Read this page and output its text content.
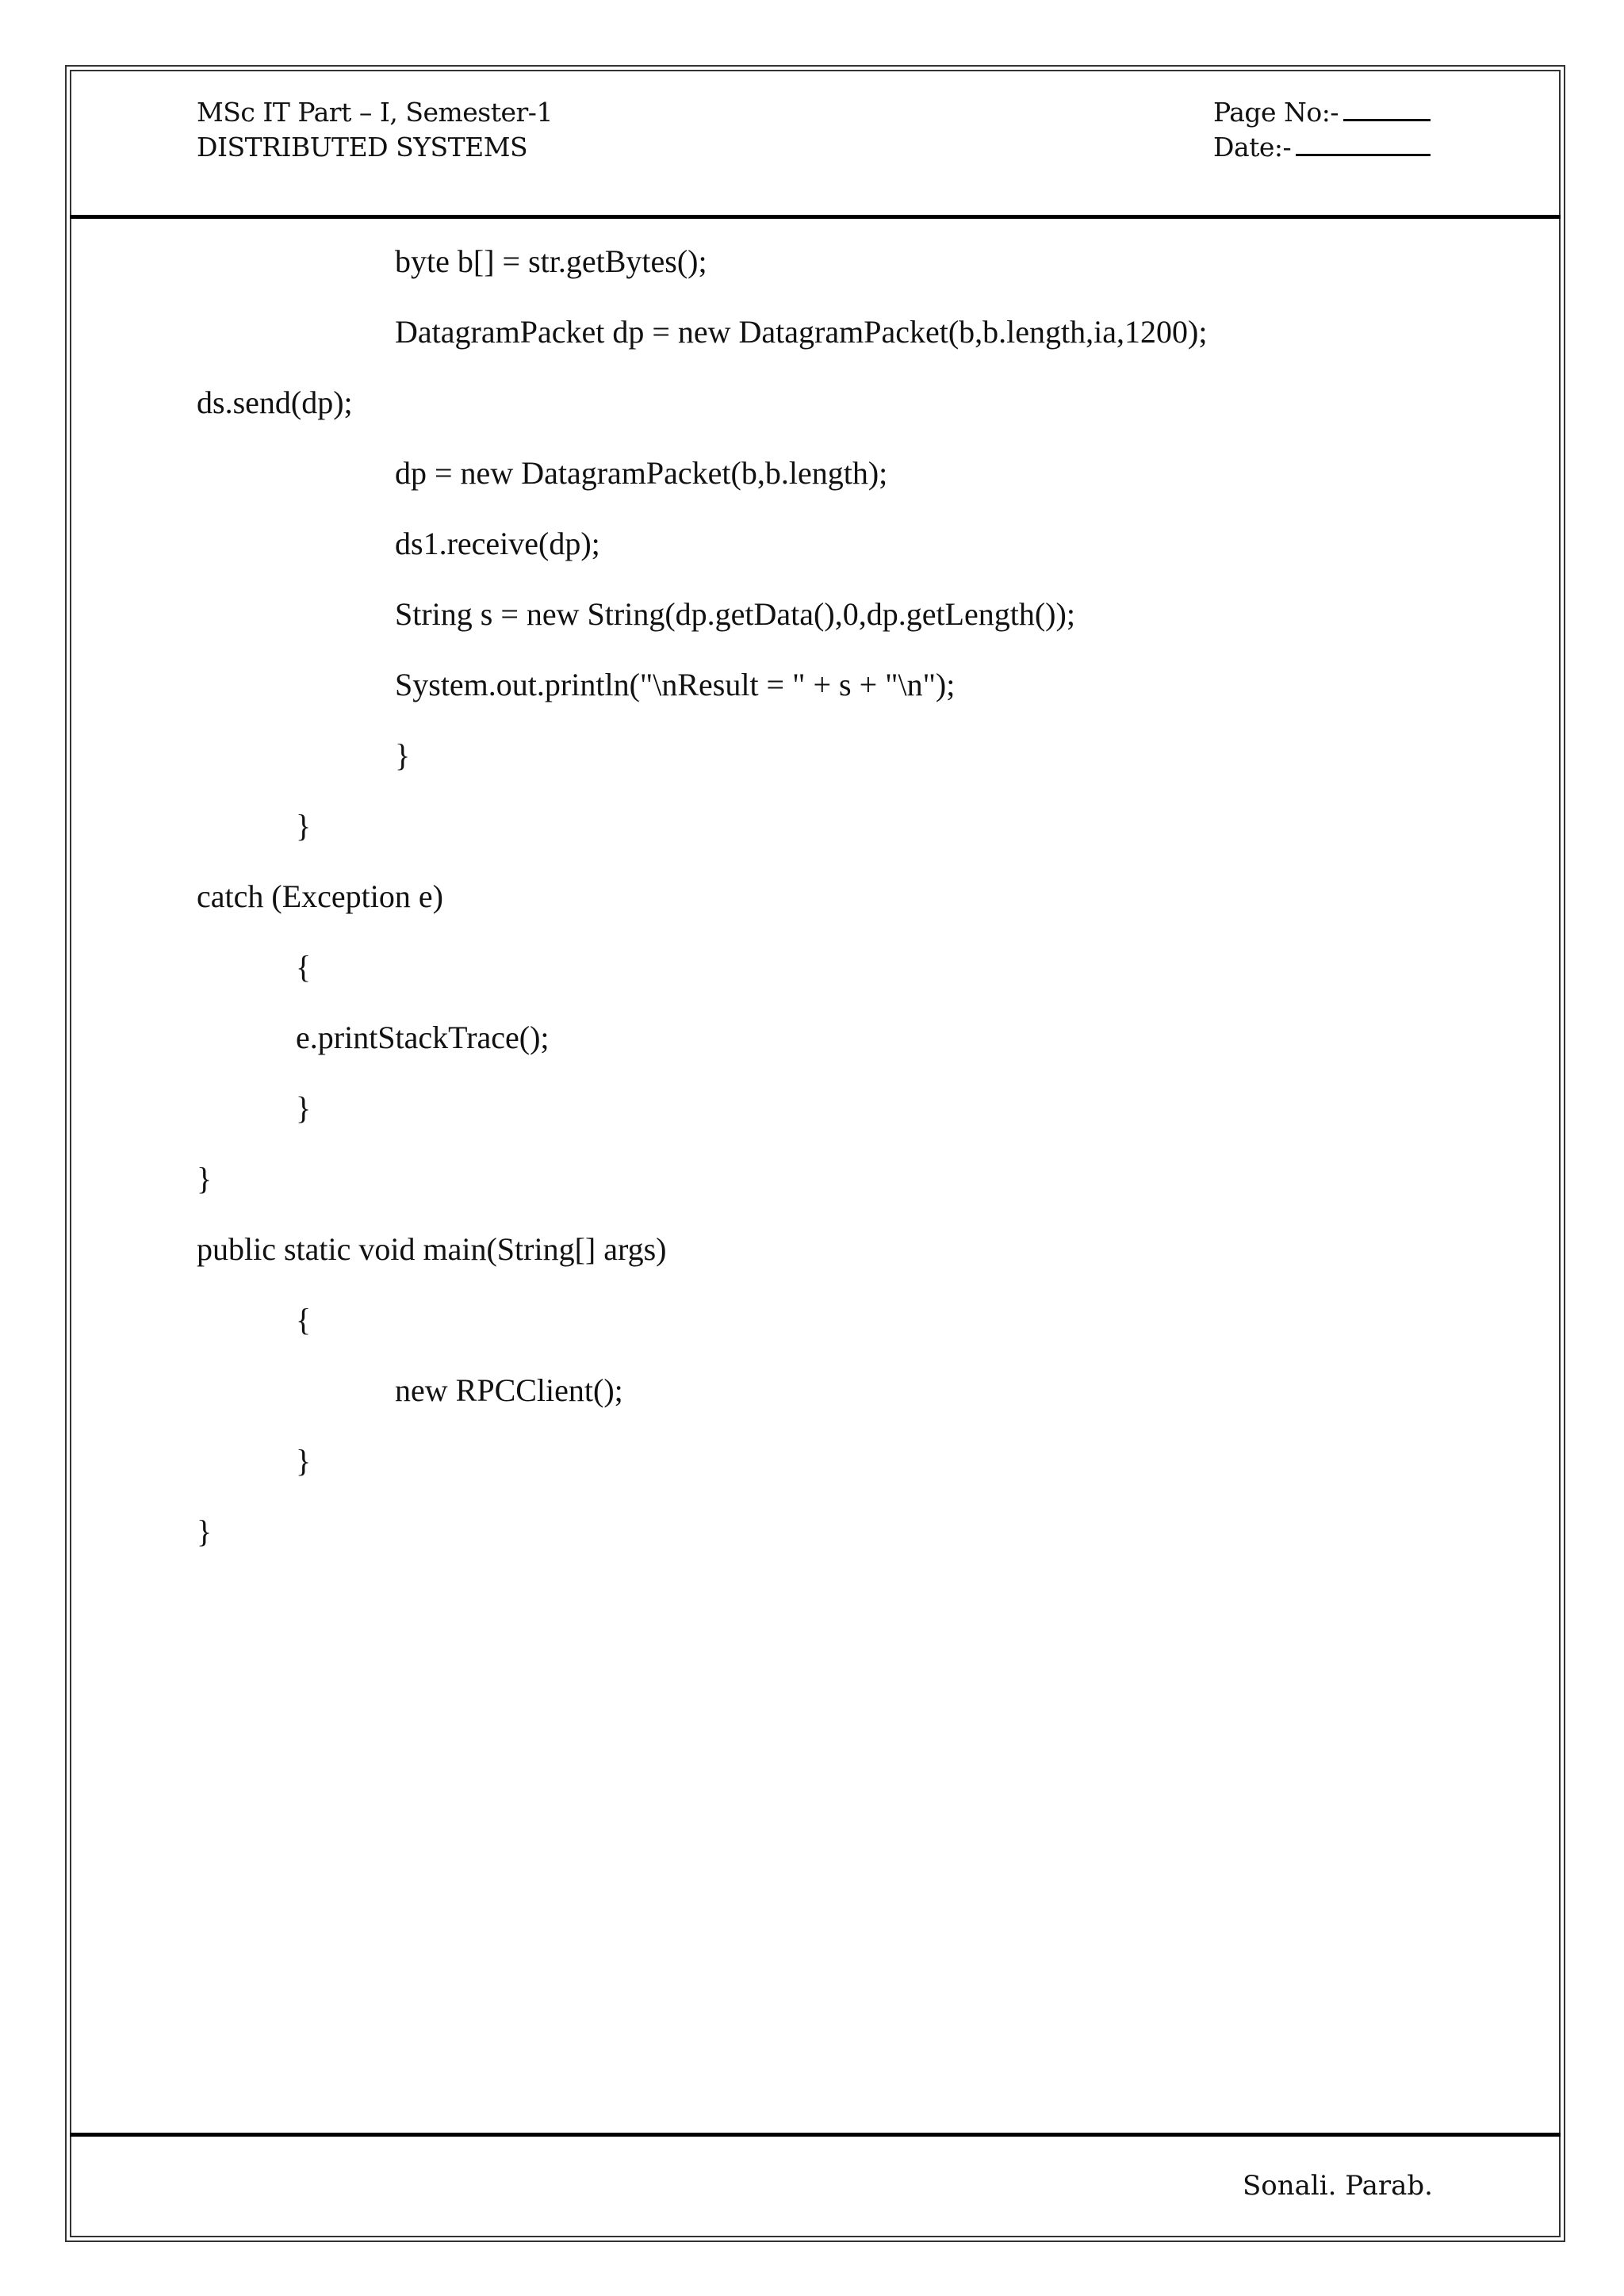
MSc IT Part – I, Semester-1
DISTRIBUTED SYSTEMS
Page No:-
Date:-
byte b[] = str.getBytes();
DatagramPacket dp = new DatagramPacket(b,b.length,ia,1200);
ds.send(dp);
dp = new DatagramPacket(b,b.length);
ds1.receive(dp);
String s = new String(dp.getData(),0,dp.getLength());
System.out.println("\nResult = " + s + "\n");
}
}
catch (Exception e)
{
e.printStackTrace();
}
}
public static void main(String[] args)
{
new RPCClient();
}
}
Sonali. Parab.
